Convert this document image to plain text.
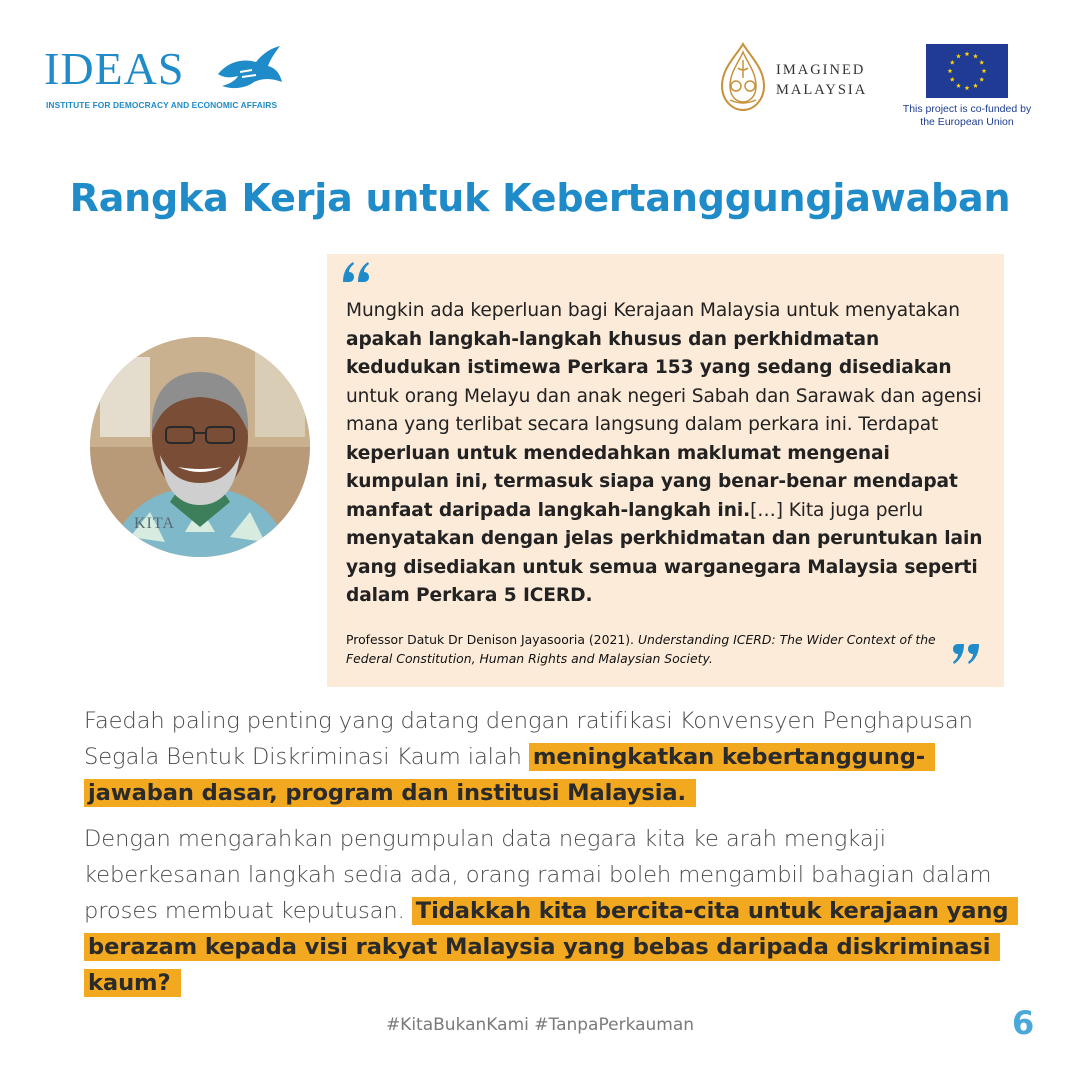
IDEAS
INSTITUTE FOR DEMOCRACY AND ECONOMIC AFFAIRS
IMAGINED
MALAYSIA
This project is co-funded by
the European Union
Rangka Kerja untuk Kebertanggungjawaban
KITA
Mungkin ada keperluan bagi Kerajaan Malaysia untuk menyatakan apakah langkah-langkah khusus dan perkhidmatan kedudukan istimewa Perkara 153 yang sedang disediakan untuk orang Melayu dan anak negeri Sabah dan Sarawak dan agensi mana yang terlibat secara langsung dalam perkara ini. Terdapat keperluan untuk mendedahkan maklumat mengenai kumpulan ini, termasuk siapa yang benar-benar mendapat manfaat daripada langkah-langkah ini.[…] Kita juga perlu menyatakan dengan jelas perkhidmatan dan peruntukan lain yang disediakan untuk semua warganegara Malaysia seperti dalam Perkara 5 ICERD.
Professor Datuk Dr Denison Jayasooria (2021). Understanding ICERD: The Wider Context of the Federal Constitution, Human Rights and Malaysian Society.
Faedah paling penting yang datang dengan ratifikasi Konvensyen Penghapusan Segala Bentuk Diskriminasi Kaum ialah meningkatkan kebertanggung-
jawaban dasar, program dan institusi Malaysia.
Dengan mengarahkan pengumpulan data negara kita ke arah mengkaji keberkesanan langkah sedia ada, orang ramai boleh mengambil bahagian dalam proses membuat keputusan. Tidakkah kita bercita-cita untuk kerajaan yang berazam kepada visi rakyat Malaysia yang bebas daripada diskriminasi kaum?
#KitaBukanKami #TanpaPerkauman	6
